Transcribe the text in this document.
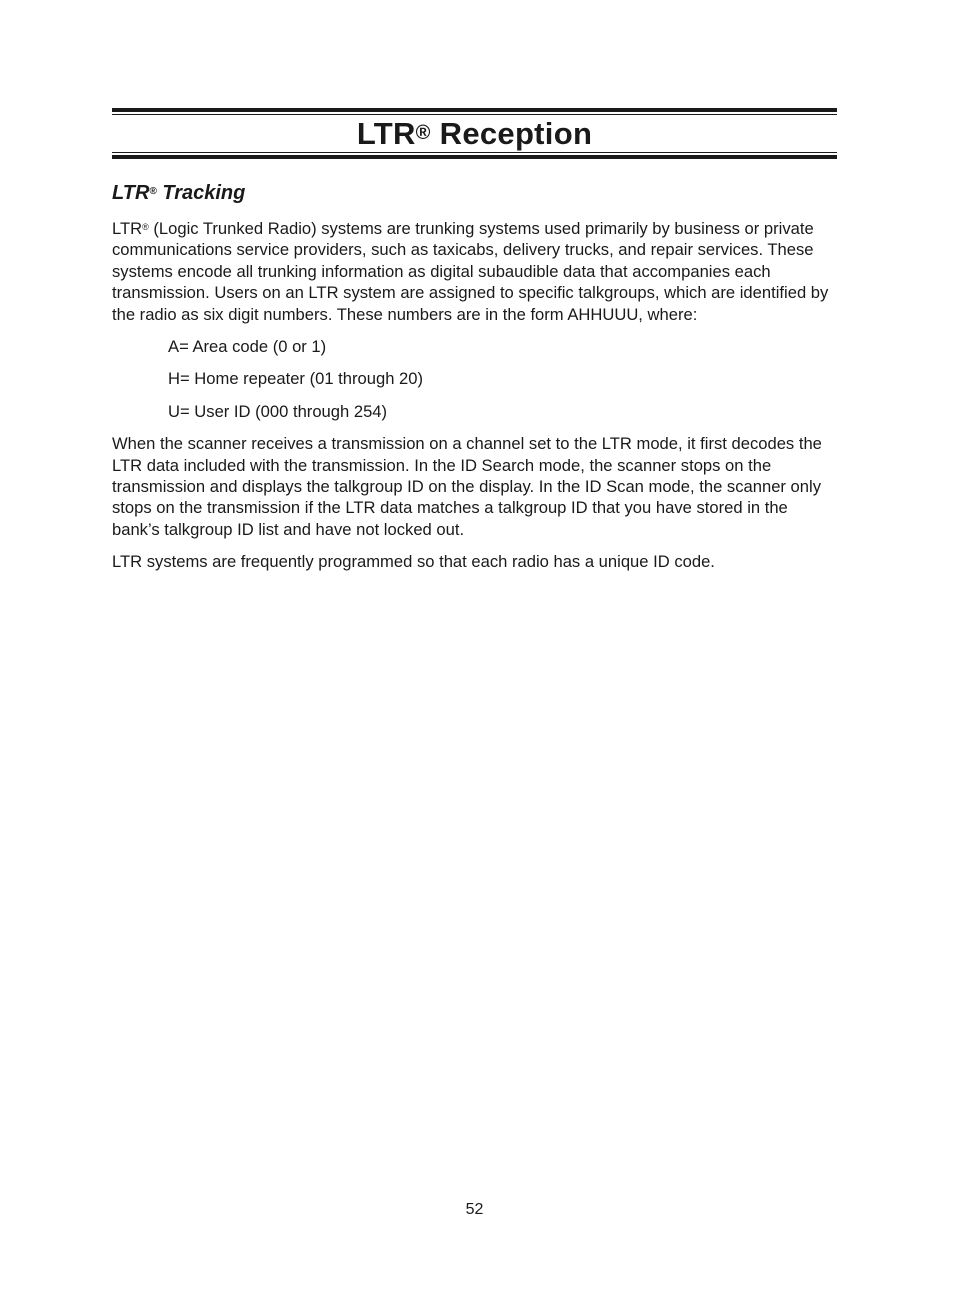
LTR® Reception
LTR® Tracking

LTR® (Logic Trunked Radio) systems are trunking systems used primarily by business or private communications service providers, such as taxicabs, delivery trucks, and repair services. These systems encode all trunking information as digital subaudible data that accompanies each transmission. Users on an LTR system are assigned to specific talkgroups, which are identified by the radio as six digit numbers. These numbers are in the form AHHUUU, where:

A= Area code (0 or 1)
H= Home repeater (01 through 20)
U= User ID (000 through 254)

When the scanner receives a transmission on a channel set to the LTR mode, it first decodes the LTR data included with the transmission. In the ID Search mode, the scanner stops on the transmission and displays the talkgroup ID on the display. In the ID Scan mode, the scanner only stops on the transmission if the LTR data matches a talkgroup ID that you have stored in the bank’s talkgroup ID list and have not locked out.

LTR systems are frequently programmed so that each radio has a unique ID code.

52
